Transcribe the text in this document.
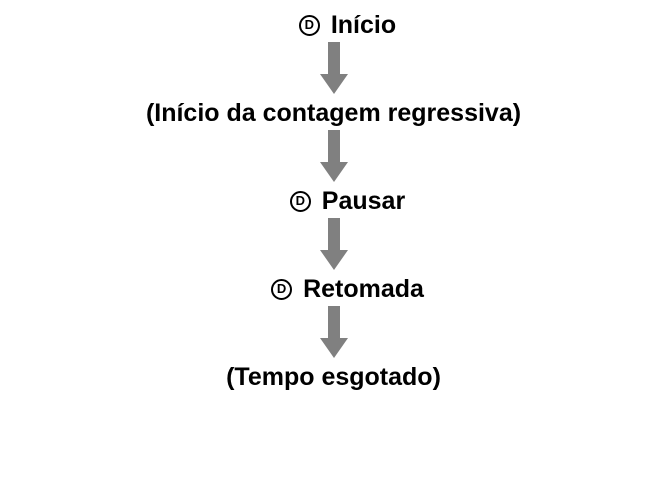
D Início
(Início da contagem regressiva)
D Pausar
D Retomada
(Tempo esgotado)
